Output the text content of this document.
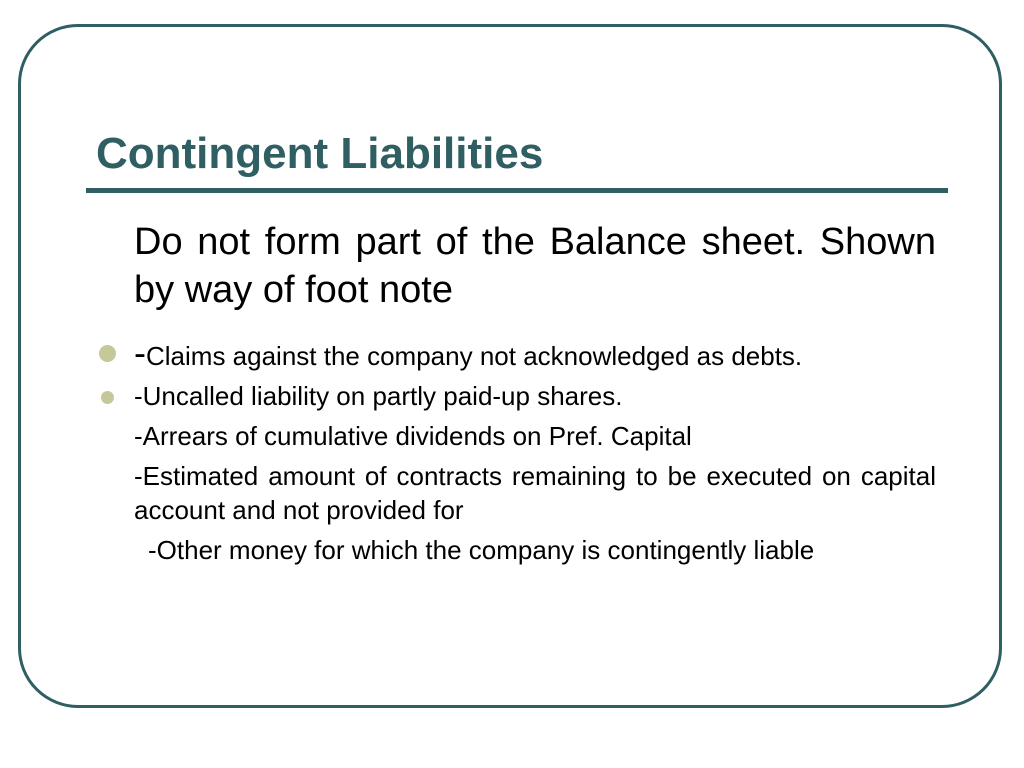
Contingent Liabilities

Do not form part of the Balance sheet. Shown by way of foot note

-Claims against the company not acknowledged as debts.
-Uncalled liability on partly paid-up shares.
-Arrears of cumulative dividends on Pref. Capital
-Estimated amount of contracts remaining to be executed on capital account and not provided for
-Other money for which the company is contingently liable
